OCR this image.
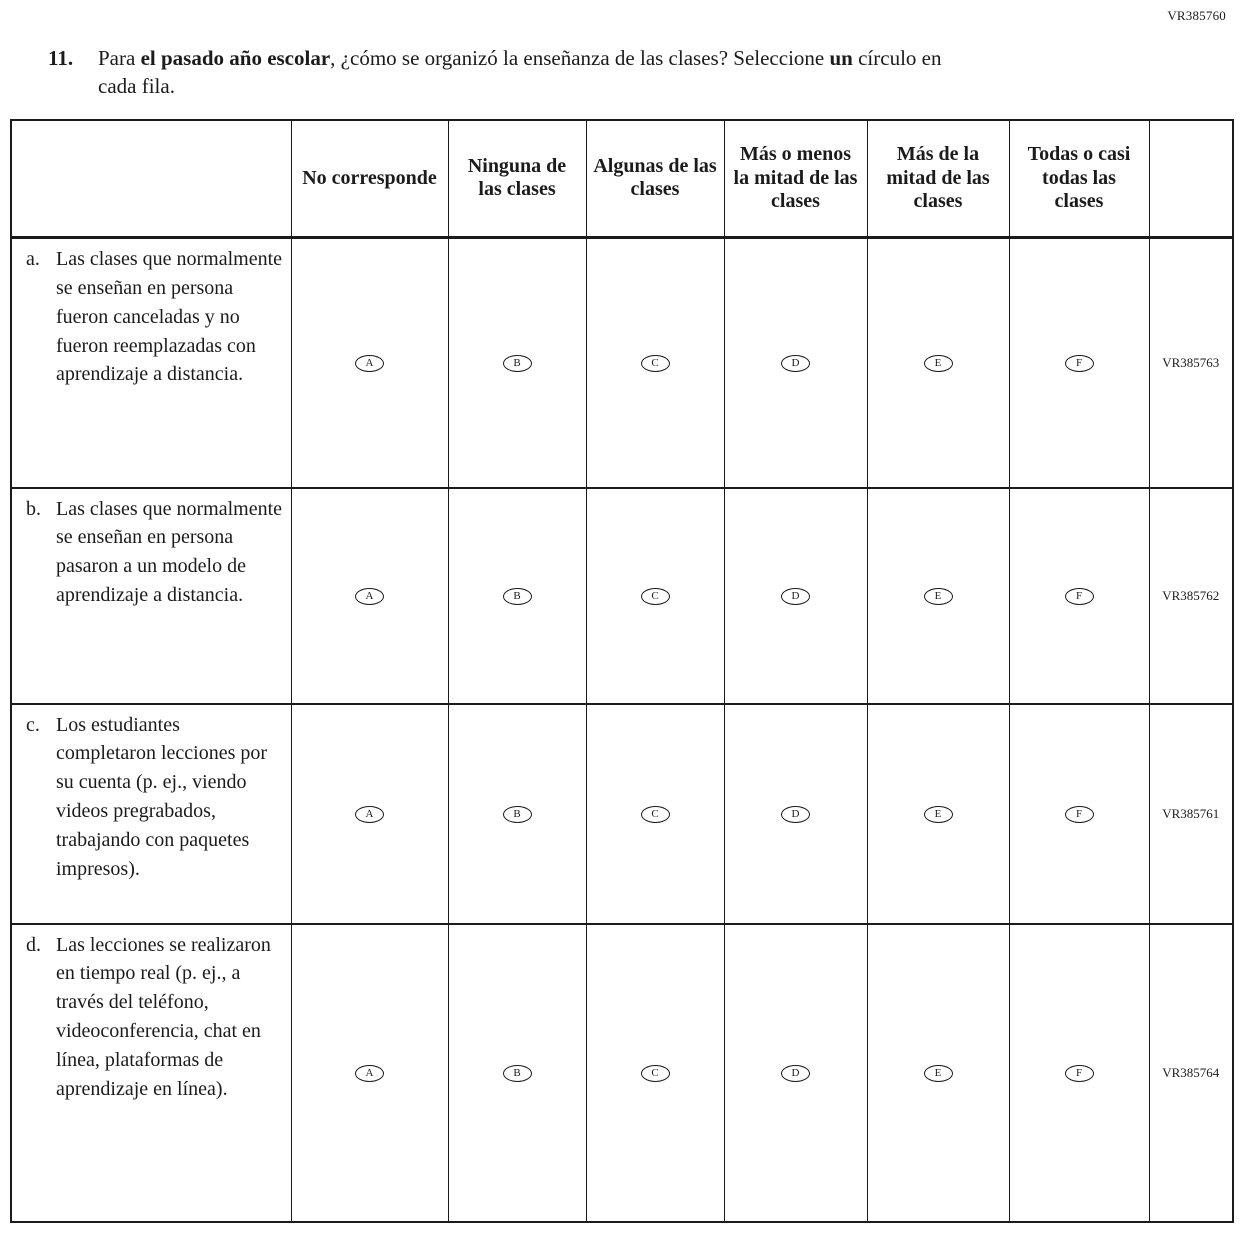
VR385760
11.	Para el pasado año escolar, ¿cómo se organizó la enseñanza de las clases? Seleccione un círculo en cada fila.
	No corresponde	Ninguna de las clases	Algunas de las clases	Más o menos la mitad de las clases	Más de la mitad de las clases	Todas o casi todas las clases	

a. Las clases que normalmente se enseñan en persona fueron canceladas y no fueron reemplazadas con aprendizaje a distancia.	A	B	C	D	E	F	VR385763

b. Las clases que normalmente se enseñan en persona pasaron a un modelo de aprendizaje a distancia.	A	B	C	D	E	F	VR385762

c. Los estudiantes completaron lecciones por su cuenta (p. ej., viendo videos pregrabados, trabajando con paquetes impresos).	A	B	C	D	E	F	VR385761

d. Las lecciones se realizaron en tiempo real (p. ej., a través del teléfono, videoconferencia, chat en línea, plataformas de aprendizaje en línea).	A	B	C	D	E	F	VR385764
